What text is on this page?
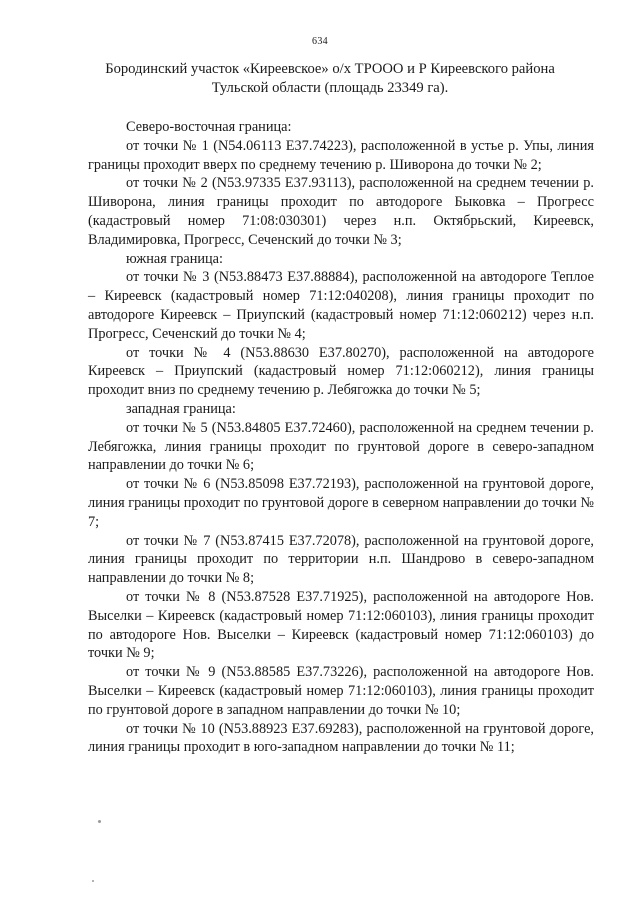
634
Бородинский участок «Киреевское» о/х ТРООО и Р Киреевского района
Тульской области (площадь 23349 га).

Северо-восточная граница:

от точки № 1 (N54.06113 E37.74223), расположенной в устье р. Упы, линия границы проходит вверх по среднему течению р. Шиворона до точки № 2;

от точки № 2 (N53.97335 E37.93113), расположенной на среднем течении р. Шиворона, линия границы проходит по автодороге Быковка – Прогресс (кадастровый номер 71:08:030301) через н.п. Октябрьский, Киреевск, Владимировка, Прогресс, Сеченский до точки № 3;

южная граница:

от точки № 3 (N53.88473 E37.88884), расположенной на автодороге Теплое – Киреевск (кадастровый номер 71:12:040208), линия границы проходит по автодороге Киреевск – Приупский (кадастровый номер 71:12:060212) через н.п. Прогресс, Сеченский до точки № 4;

от точки № 4 (N53.88630 E37.80270), расположенной на автодороге Киреевск – Приупский (кадастровый номер 71:12:060212), линия границы проходит вниз по среднему течению р. Лебягожка до точки № 5;

западная граница:

от точки № 5 (N53.84805 E37.72460), расположенной на среднем течении р. Лебягожка, линия границы проходит по грунтовой дороге в северо-западном направлении до точки № 6;

от точки № 6 (N53.85098 E37.72193), расположенной на грунтовой дороге, линия границы проходит по грунтовой дороге в северном направлении до точки № 7;

от точки № 7 (N53.87415 E37.72078), расположенной на грунтовой дороге, линия границы проходит по территории н.п. Шандрово в северо-западном направлении до точки № 8;

от точки № 8 (N53.87528 E37.71925), расположенной на автодороге Нов. Выселки – Киреевск (кадастровый номер 71:12:060103), линия границы проходит по автодороге Нов. Выселки – Киреевск (кадастровый номер 71:12:060103) до точки № 9;

от точки № 9 (N53.88585 E37.73226), расположенной на автодороге Нов. Выселки – Киреевск (кадастровый номер 71:12:060103), линия границы проходит по грунтовой дороге в западном направлении до точки № 10;

от точки № 10 (N53.88923 E37.69283), расположенной на грунтовой дороге, линия границы проходит в юго-западном направлении до точки № 11;
